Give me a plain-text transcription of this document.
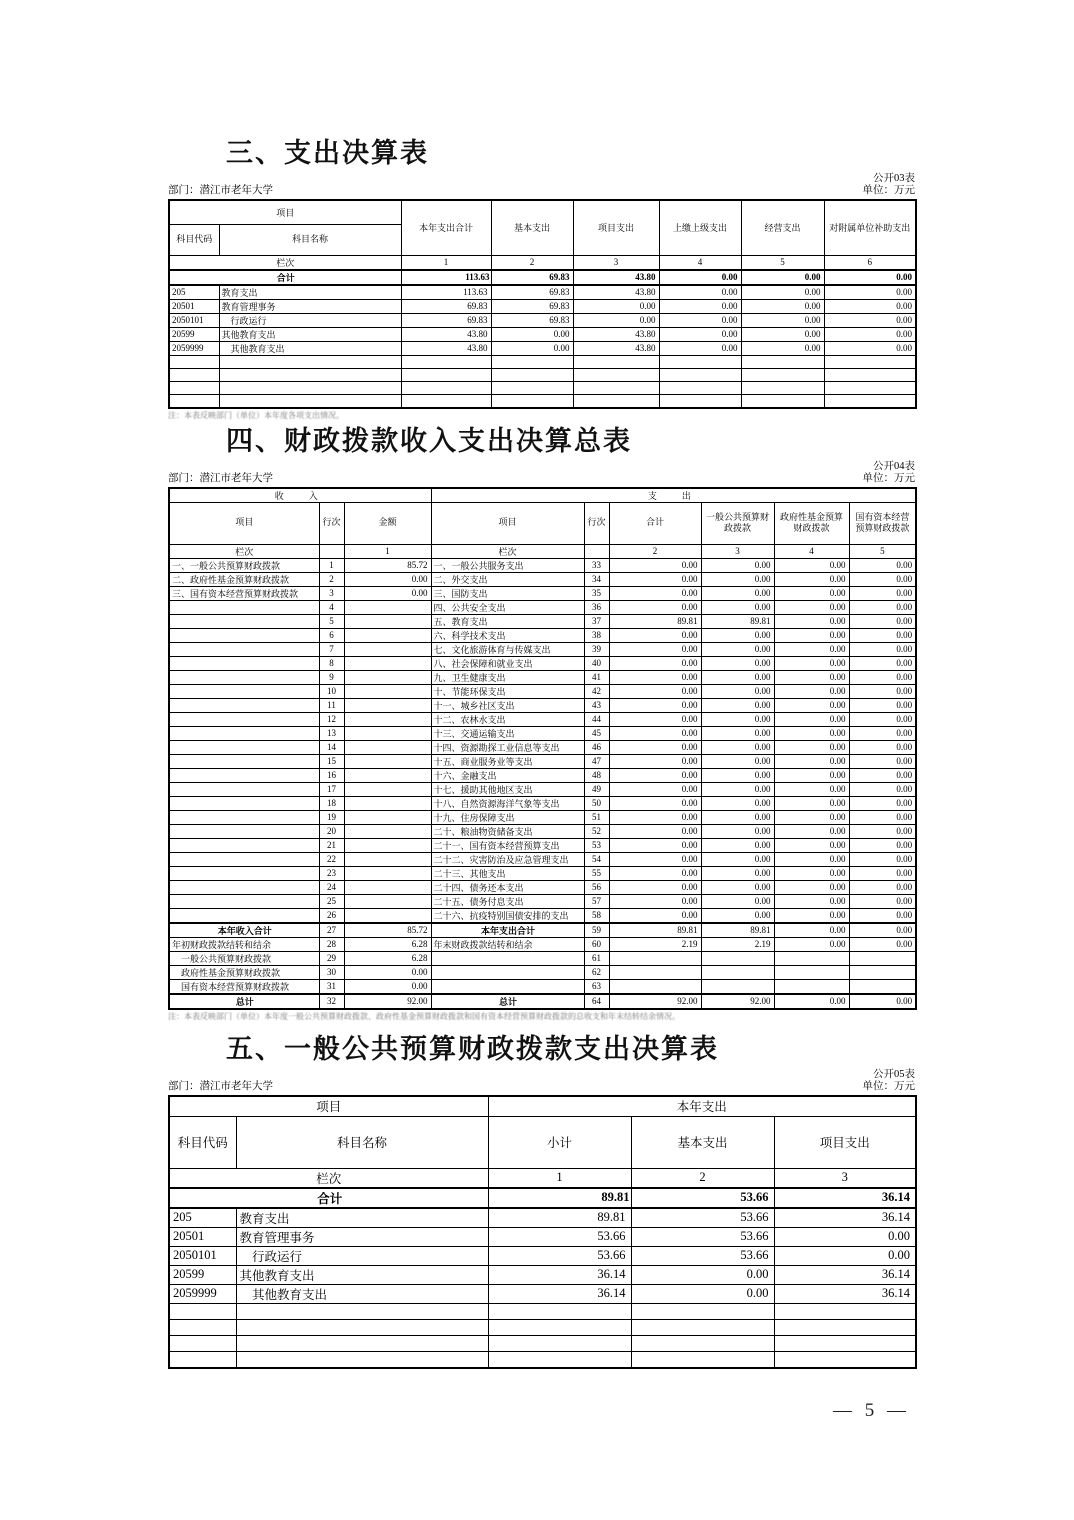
三、支出决算表
公开03表
部门：潜江市老年大学	单位：万元
项目		本年支出合计	基本支出	项目支出	上缴上级支出	经营支出	对附属单位补助支出
科目代码	科目名称						
栏次		1	2	3	4	5	6
合计		113.63	69.83	43.80	0.00	0.00	0.00
205	教育支出	113.63	69.83	43.80	0.00	0.00	0.00
20501	教育管理事务	69.83	69.83	0.00	0.00	0.00	0.00
2050101	　行政运行	69.83	69.83	0.00	0.00	0.00	0.00
20599	其他教育支出	43.80	0.00	43.80	0.00	0.00	0.00
2059999	　其他教育支出	43.80	0.00	43.80	0.00	0.00	0.00

注：本表反映部门（单位）本年度各项支出情况。
四、财政拨款收入支出决算总表
公开04表
部门：潜江市老年大学	单位：万元
收　入			支　出					
项目	行次	金额	项目	行次	合计	一般公共预算财政拨款	政府性基金预算财政拨款	国有资本经营预算财政拨款
栏次		1	栏次		2	3	4	5
一、一般公共预算财政拨款	1	85.72	一、一般公共服务支出	33	0.00	0.00	0.00	0.00
二、政府性基金预算财政拨款	2	0.00	二、外交支出	34	0.00	0.00	0.00	0.00
三、国有资本经营预算财政拨款	3	0.00	三、国防支出	35	0.00	0.00	0.00	0.00
	4		四、公共安全支出	36	0.00	0.00	0.00	0.00
	5		五、教育支出	37	89.81	89.81	0.00	0.00
	6		六、科学技术支出	38	0.00	0.00	0.00	0.00
	7		七、文化旅游体育与传媒支出	39	0.00	0.00	0.00	0.00
	8		八、社会保障和就业支出	40	0.00	0.00	0.00	0.00
	9		九、卫生健康支出	41	0.00	0.00	0.00	0.00
	10		十、节能环保支出	42	0.00	0.00	0.00	0.00
	11		十一、城乡社区支出	43	0.00	0.00	0.00	0.00
	12		十二、农林水支出	44	0.00	0.00	0.00	0.00
	13		十三、交通运输支出	45	0.00	0.00	0.00	0.00
	14		十四、资源勘探工业信息等支出	46	0.00	0.00	0.00	0.00
	15		十五、商业服务业等支出	47	0.00	0.00	0.00	0.00
	16		十六、金融支出	48	0.00	0.00	0.00	0.00
	17		十七、援助其他地区支出	49	0.00	0.00	0.00	0.00
	18		十八、自然资源海洋气象等支出	50	0.00	0.00	0.00	0.00
	19		十九、住房保障支出	51	0.00	0.00	0.00	0.00
	20		二十、粮油物资储备支出	52	0.00	0.00	0.00	0.00
	21		二十一、国有资本经营预算支出	53	0.00	0.00	0.00	0.00
	22		二十二、灾害防治及应急管理支出	54	0.00	0.00	0.00	0.00
	23		二十三、其他支出	55	0.00	0.00	0.00	0.00
	24		二十四、债务还本支出	56	0.00	0.00	0.00	0.00
	25		二十五、债务付息支出	57	0.00	0.00	0.00	0.00
	26		二十六、抗疫特别国债安排的支出	58	0.00	0.00	0.00	0.00
本年收入合计	27	85.72	本年支出合计	59	89.81	89.81	0.00	0.00
年初财政拨款结转和结余	28	6.28	年末财政拨款结转和结余	60	2.19	2.19	0.00	0.00
　一般公共预算财政拨款	29	6.28		61				
　政府性基金预算财政拨款	30	0.00		62				
　国有资本经营预算财政拨款	31	0.00		63				
总计	32	92.00	总计	64	92.00	92.00	0.00	0.00
注：本表反映部门（单位）本年度一般公共预算财政拨款、政府性基金预算财政拨款和国有资本经营预算财政拨款的总收支和年末结转结余情况。
五、一般公共预算财政拨款支出决算表
公开05表
部门：潜江市老年大学	单位：万元
项目		本年支出		
科目代码	科目名称	小计	基本支出	项目支出
栏次		1	2	3
合计		89.81	53.66	36.14
205	教育支出	89.81	53.66	36.14
20501	教育管理事务	53.66	53.66	0.00
2050101	　行政运行	53.66	53.66	0.00
20599	其他教育支出	36.14	0.00	36.14
2059999	　其他教育支出	36.14	0.00	36.14

— 5 —
